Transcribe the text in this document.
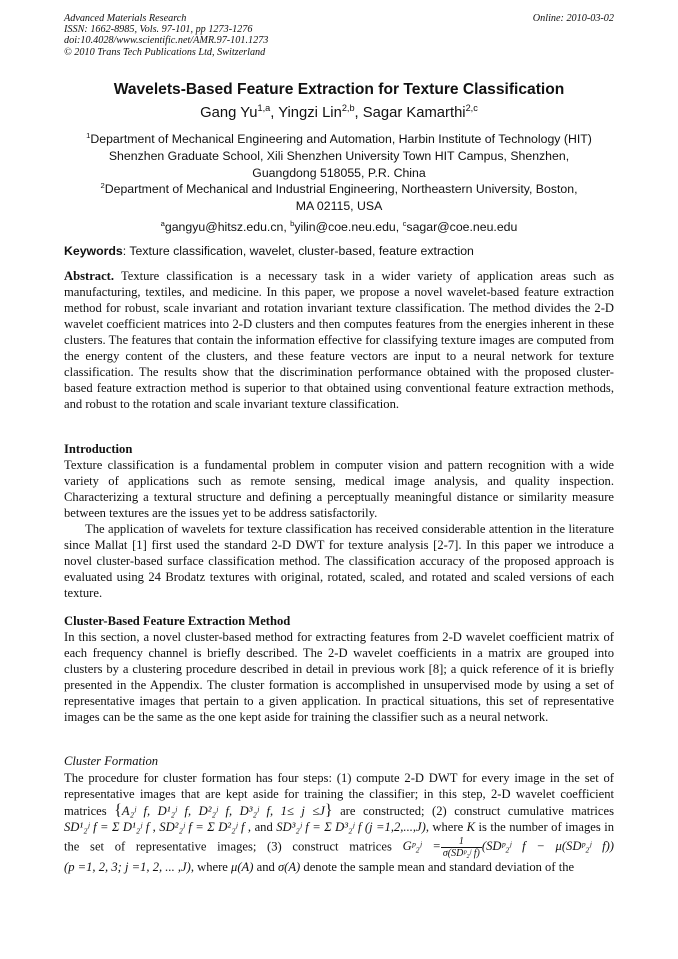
Advanced Materials Research
ISSN: 1662-8985, Vols. 97-101, pp 1273-1276
doi:10.4028/www.scientific.net/AMR.97-101.1273
© 2010 Trans Tech Publications Ltd, Switzerland
Online: 2010-03-02
Wavelets-Based Feature Extraction for Texture Classification
Gang Yu$^{1,a}$, Yingzi Lin$^{2,b}$, Sagar Kamarthi$^{2,c}$
$^1$Department of Mechanical Engineering and Automation, Harbin Institute of Technology (HIT)
Shenzhen Graduate School, Xili Shenzhen University Town HIT Campus, Shenzhen,
Guangdong 518055, P.R. China
$^2$Department of Mechanical and Industrial Engineering, Northeastern University, Boston,
MA 02115, USA
$^a$gangyu@hitsz.edu.cn, $^b$yilin@coe.neu.edu, $^c$sagar@coe.neu.edu
Keywords: Texture classification, wavelet, cluster-based, feature extraction

Abstract. Texture classification is a necessary task in a wider variety of application areas such as manufacturing, textiles, and medicine. In this paper, we propose a novel wavelet-based feature extraction method for robust, scale invariant and rotation invariant texture classification. The method divides the 2-D wavelet coefficient matrices into 2-D clusters and then computes features from the energies inherent in these clusters. The features that contain the information effective for classifying texture images are computed from the energy content of the clusters, and these feature vectors are input to a neural network for texture classification. The results show that the discrimination performance obtained with the proposed cluster-based feature extraction method is superior to that obtained using conventional feature extraction methods, and robust to the rotation and scale invariant texture classification.

Introduction

Texture classification is a fundamental problem in computer vision and pattern recognition with a wide variety of applications such as remote sensing, medical image analysis, and quality inspection. Characterizing a textural structure and defining a perceptually meaningful distance or similarity measure between textures are the issues yet to be address satisfactorily.

The application of wavelets for texture classification has received considerable attention in the literature since Mallat [1] first used the standard 2-D DWT for texture analysis [2-7]. In this paper we introduce a novel cluster-based surface classification method. The classification accuracy of the proposed approach is evaluated using 24 Brodatz textures with original, rotated, scaled, and rotated and scaled versions of each texture.

Cluster-Based Feature Extraction Method

In this section, a novel cluster-based method for extracting features from 2-D wavelet coefficient matrix of each frequency channel is briefly described. The 2-D wavelet coefficients in a matrix are grouped into clusters by a clustering procedure described in detail in previous work [8]; a quick reference of it is briefly presented in the Appendix. The cluster formation is accomplished in unsupervised mode by using a set of representative images that pertain to a given application. In practical situations, this set of representative images can be the same as the one kept aside for training the classifier such as a neural network.

Cluster Formation

The procedure for cluster formation has four steps: (1) compute 2-D DWT for every image in the set of representative images that are kept aside for training the classifier; in this step, 2-D wavelet coefficient matrices {A₂ʲ f, D¹₂ʲ f, D²₂ʲ f, D³₂ʲ f, 1≤ j ≤J} are constructed; (2) construct cumulative matrices SD¹₂ʲ f = Σ D¹₂ʲ f , SD²₂ʲ f = Σ D²₂ʲ f , and SD³₂ʲ f = Σ D³₂ʲ f (j =1,2,...,J), where K is the number of images in the set of representative images; (3) construct matrices Gᵖ₂ʲ = $\frac{1}{\text{σ(SDᵖ₂ʲ f)}}$ (SDᵖ₂ʲ f − μ(SDᵖ₂ʲ f)) (p =1, 2, 3; j =1, 2, ... ,J), where μ(A) and σ(A) denote the sample mean and standard deviation of the
